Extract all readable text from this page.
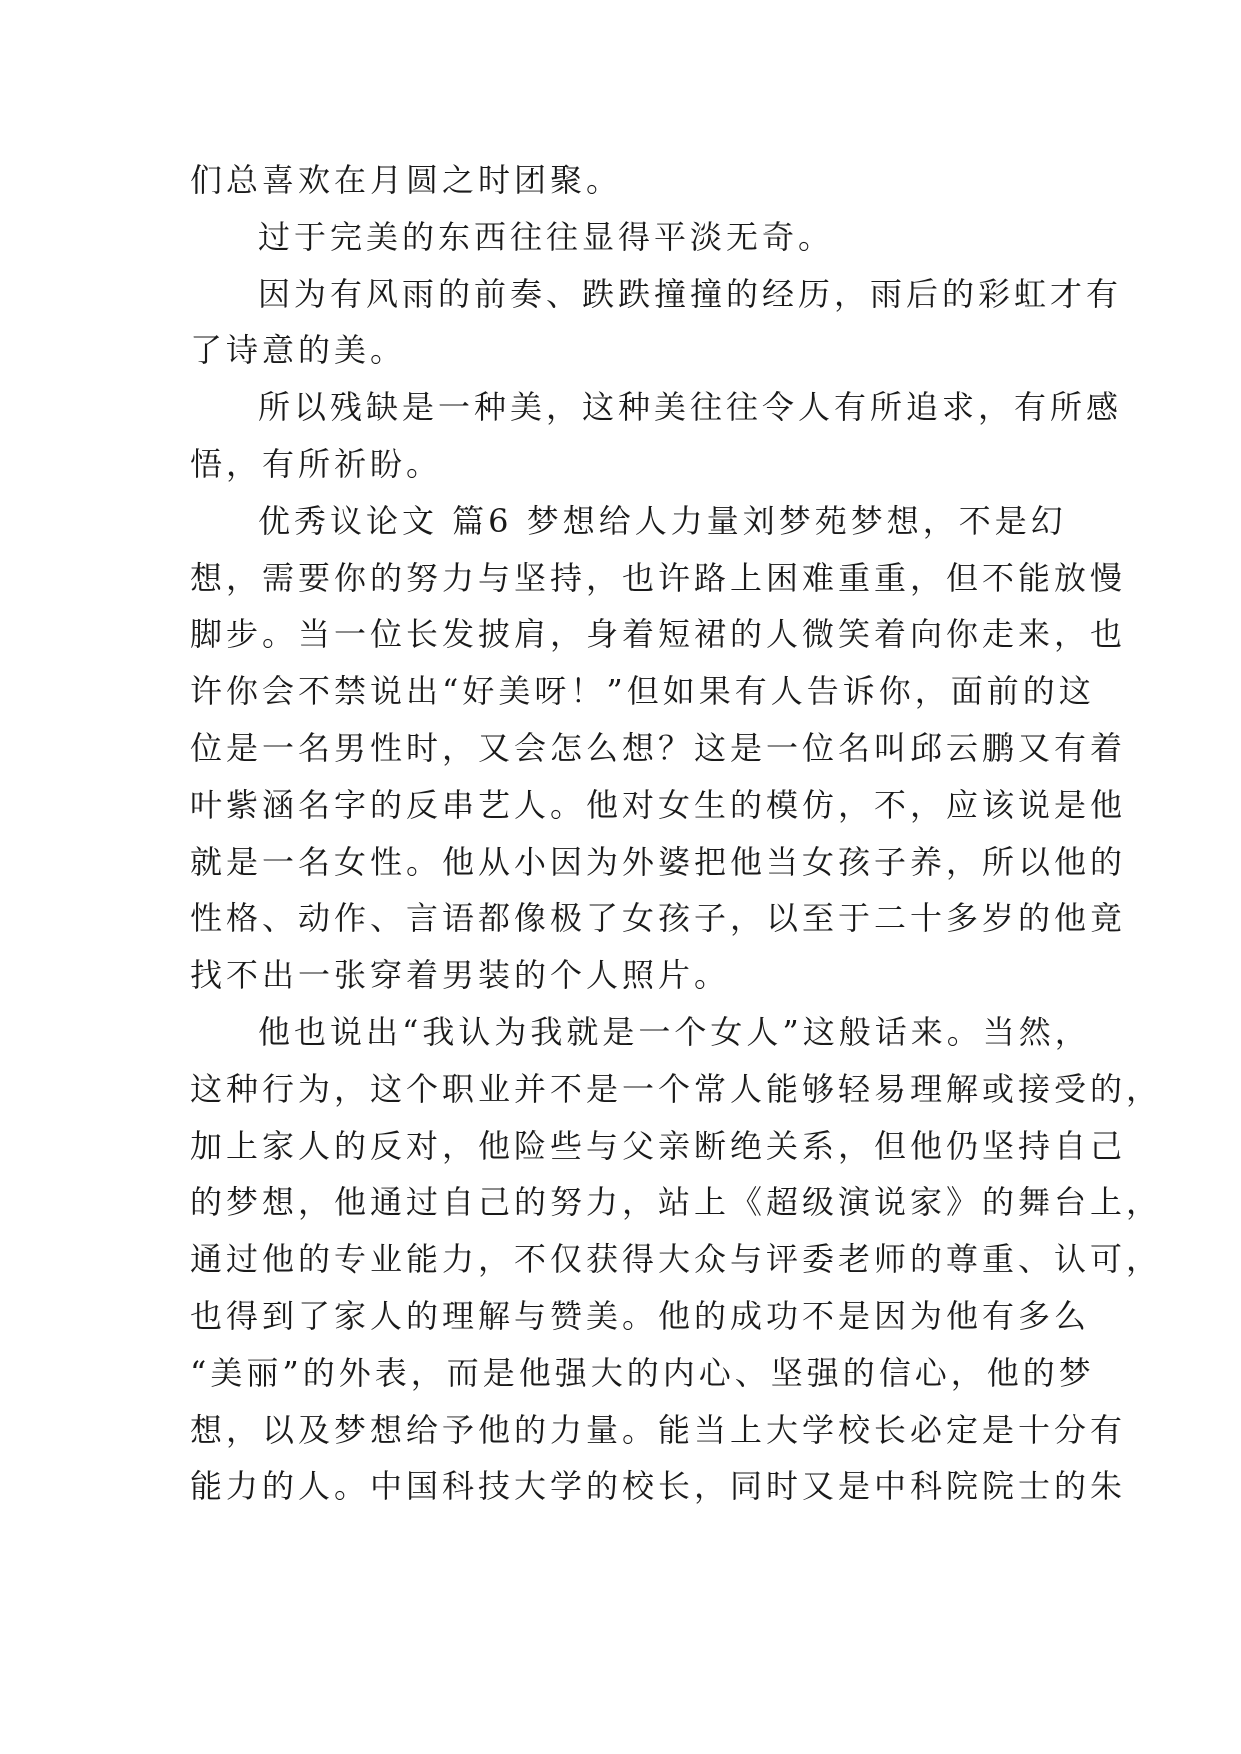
们总喜欢在月圆之时团聚。
过于完美的东西往往显得平淡无奇。
因为有风雨的前奏、跌跌撞撞的经历，雨后的彩虹才有
了诗意的美。
所以残缺是一种美，这种美往往令人有所追求，有所感
悟，有所祈盼。
优秀议论文 篇6 梦想给人力量刘梦苑梦想，不是幻
想，需要你的努力与坚持，也许路上困难重重，但不能放慢
脚步。当一位长发披肩，身着短裙的人微笑着向你走来，也
许你会不禁说出“好美呀！”但如果有人告诉你，面前的这
位是一名男性时，又会怎么想？这是一位名叫邱云鹏又有着
叶紫涵名字的反串艺人。他对女生的模仿，不，应该说是他
就是一名女性。他从小因为外婆把他当女孩子养，所以他的
性格、动作、言语都像极了女孩子，以至于二十多岁的他竟
找不出一张穿着男装的个人照片。
他也说出“我认为我就是一个女人”这般话来。当然，
这种行为，这个职业并不是一个常人能够轻易理解或接受的，
加上家人的反对，他险些与父亲断绝关系，但他仍坚持自己
的梦想，他通过自己的努力，站上《超级演说家》的舞台上，
通过他的专业能力，不仅获得大众与评委老师的尊重、认可，
也得到了家人的理解与赞美。他的成功不是因为他有多么
“美丽”的外表，而是他强大的内心、坚强的信心，他的梦
想，以及梦想给予他的力量。能当上大学校长必定是十分有
能力的人。中国科技大学的校长，同时又是中科院院士的朱
